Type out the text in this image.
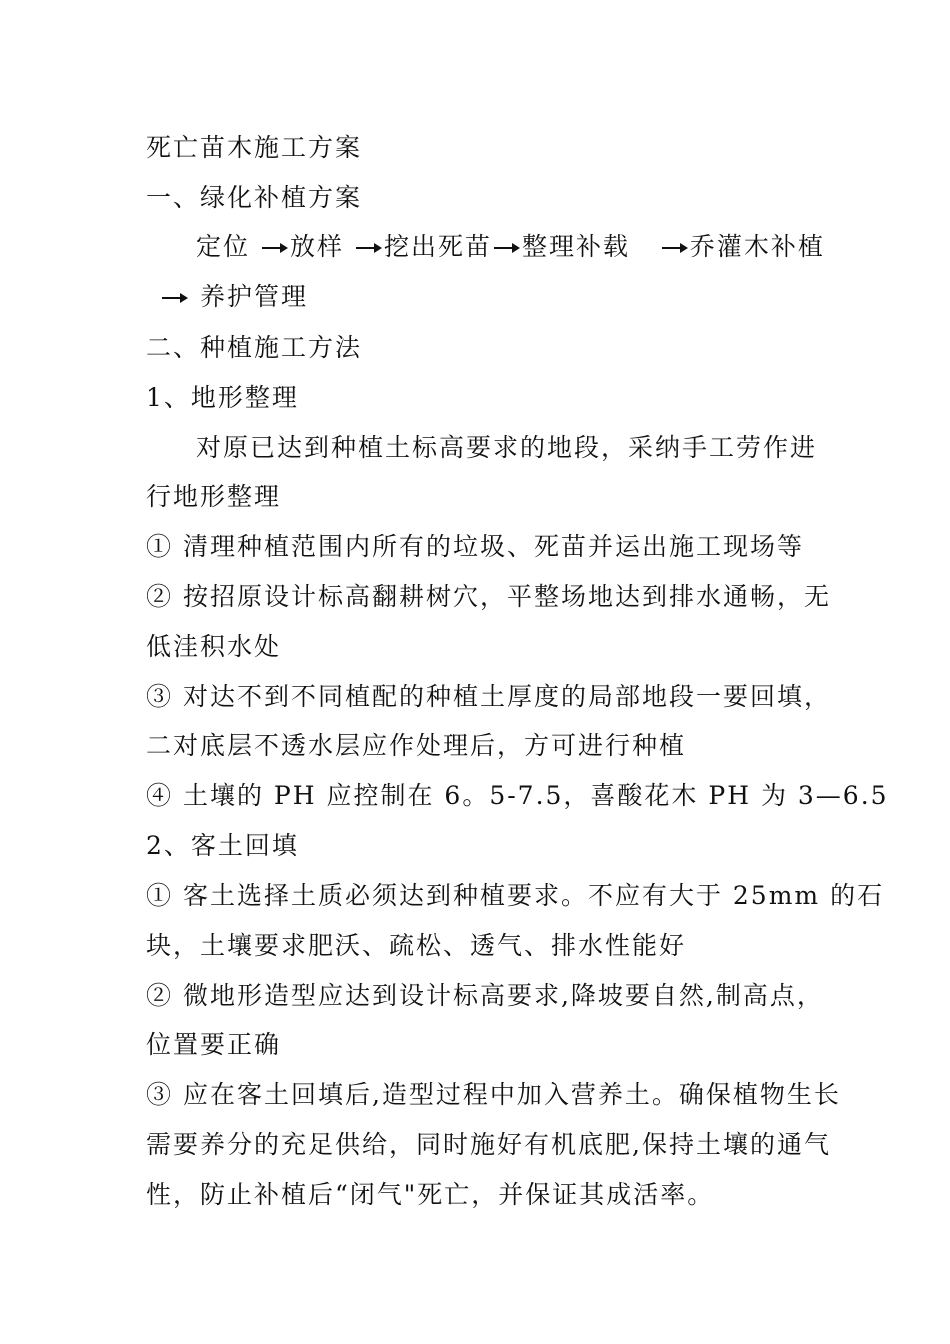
死亡苗木施工方案
一、绿化补植方案
定位 放样 挖出死苗 整理补载 乔灌木补植
养护管理
二、种植施工方法
1、地形整理
对原已达到种植土标高要求的地段，采纳手工劳作进
行地形整理
① 清理种植范围内所有的垃圾、死苗并运出施工现场等
② 按招原设计标高翻耕树穴，平整场地达到排水通畅，无
低洼积水处
③ 对达不到不同植配的种植土厚度的局部地段一要回填，
二对底层不透水层应作处理后，方可进行种植
④ 土壤的 PH 应控制在 6。5-7.5，喜酸花木 PH 为 3—6.5
2、客土回填
① 客土选择土质必须达到种植要求。不应有大于 25mm 的石
块，土壤要求肥沃、疏松、透气、排水性能好
② 微地形造型应达到设计标高要求,降坡要自然,制高点，
位置要正确
③ 应在客土回填后,造型过程中加入营养土。确保植物生长
需要养分的充足供给，同时施好有机底肥,保持土壤的通气
性，防止补植后“闭气"死亡，并保证其成活率。
